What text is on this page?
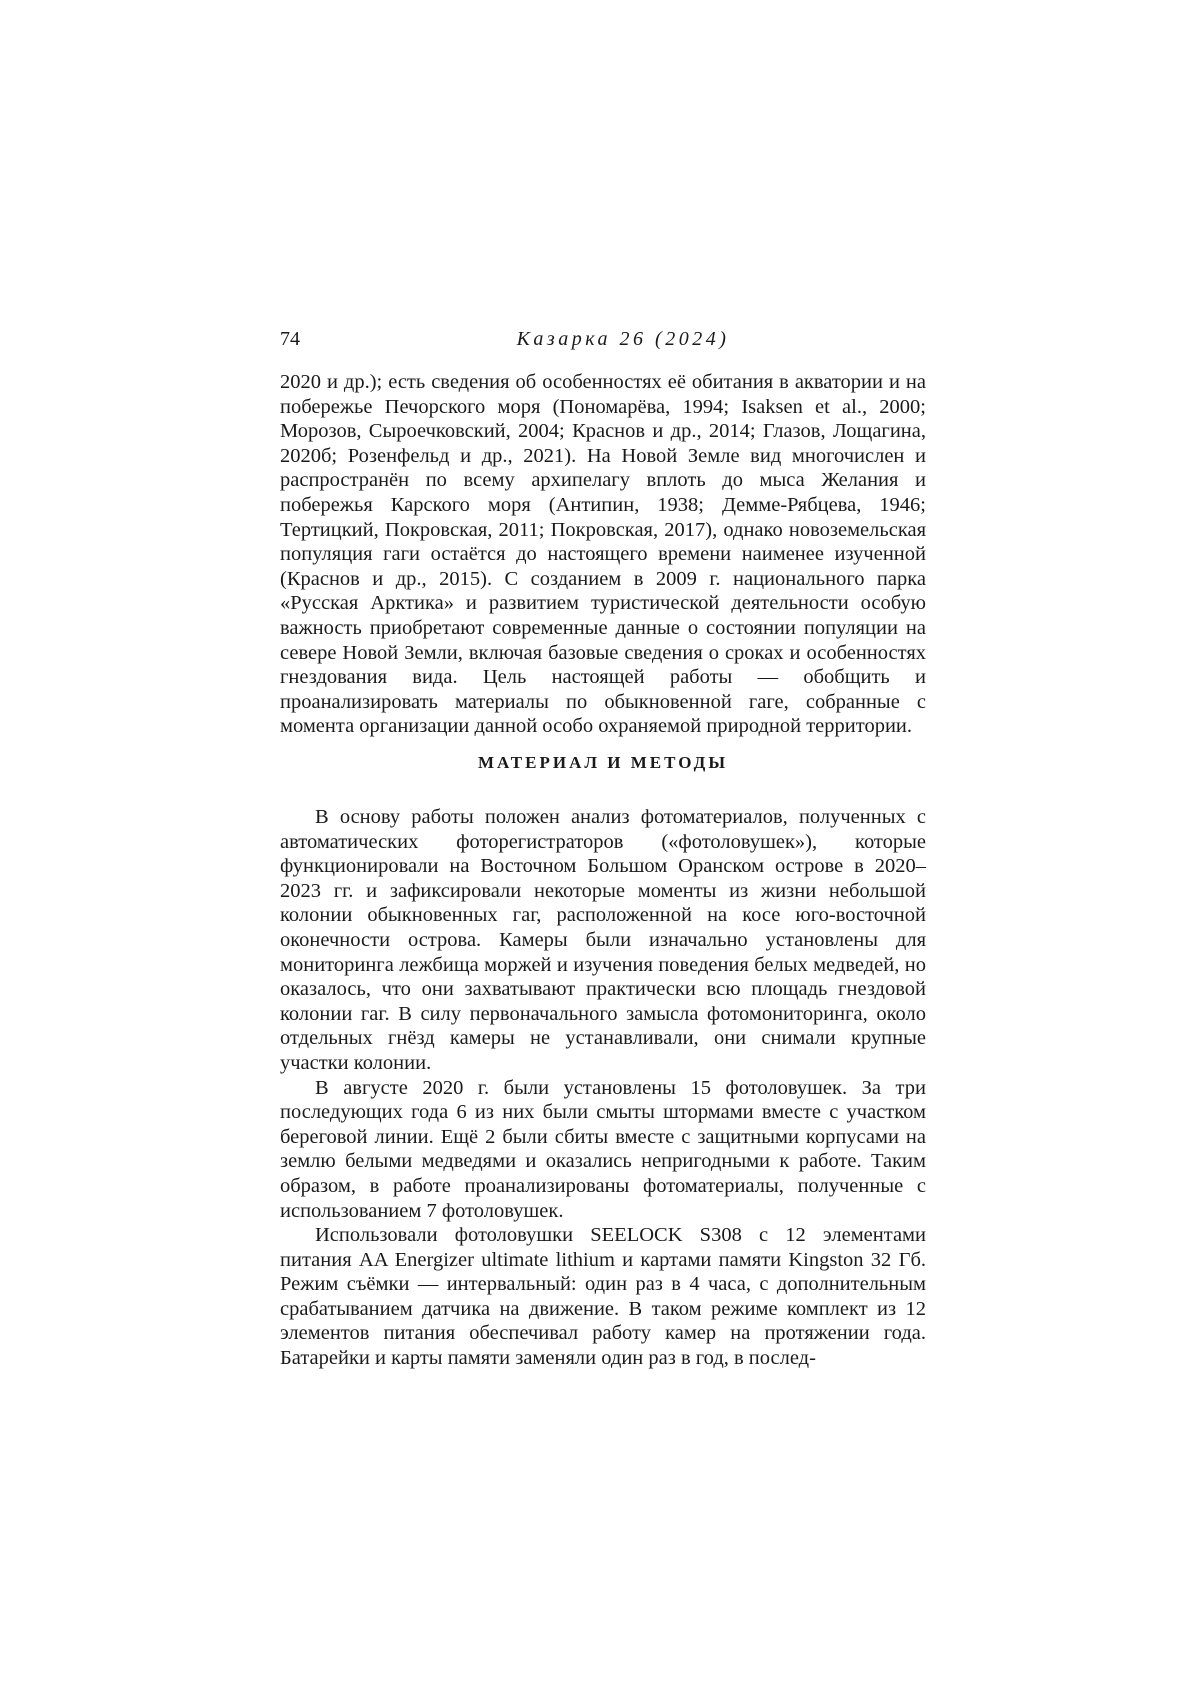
74	Казарка 26 (2024)

2020 и др.); есть сведения об особенностях её обитания в акватории и на побережье Печорского моря (Пономарёва, 1994; Isaksen et al., 2000; Морозов, Сыроечковский, 2004; Краснов и др., 2014; Глазов, Лощагина, 2020б; Розенфельд и др., 2021). На Новой Земле вид многочислен и распространён по всему архипелагу вплоть до мыса Желания и побережья Карского моря (Антипин, 1938; Демме-Рябцева, 1946; Тертицкий, Покровская, 2011; Покровская, 2017), однако новоземельская популяция гаги остаётся до настоящего времени наименее изученной (Краснов и др., 2015). С созданием в 2009 г. национального парка «Русская Арктика» и развитием туристической деятельности особую важность приобретают современные данные о состоянии популяции на севере Новой Земли, включая базовые сведения о сроках и особенностях гнездования вида. Цель настоящей работы — обобщить и проанализировать материалы по обыкновенной гаге, собранные с момента организации данной особо охраняемой природной территории.

МАТЕРИАЛ И МЕТОДЫ

В основу работы положен анализ фотоматериалов, полученных с автоматических фоторегистраторов («фотоловушек»), которые функционировали на Восточном Большом Оранском острове в 2020–2023 гг. и зафиксировали некоторые моменты из жизни небольшой колонии обыкновенных гаг, расположенной на косе юго-восточной оконечности острова. Камеры были изначально установлены для мониторинга лежбища моржей и изучения поведения белых медведей, но оказалось, что они захватывают практически всю площадь гнездовой колонии гаг. В силу первоначального замысла фотомониторинга, около отдельных гнёзд камеры не устанавливали, они снимали крупные участки колонии.

В августе 2020 г. были установлены 15 фотоловушек. За три последующих года 6 из них были смыты штормами вместе с участком береговой линии. Ещё 2 были сбиты вместе с защитными корпусами на землю белыми медведями и оказались непригодными к работе. Таким образом, в работе проанализированы фотоматериалы, полученные с использованием 7 фотоловушек.

Использовали фотоловушки SEELOCK S308 с 12 элементами питания AA Energizer ultimate lithium и картами памяти Kingston 32 Гб. Режим съёмки — интервальный: один раз в 4 часа, с дополнительным срабатыванием датчика на движение. В таком режиме комплект из 12 элементов питания обеспечивал работу камер на протяжении года. Батарейки и карты памяти заменяли один раз в год, в послед-
